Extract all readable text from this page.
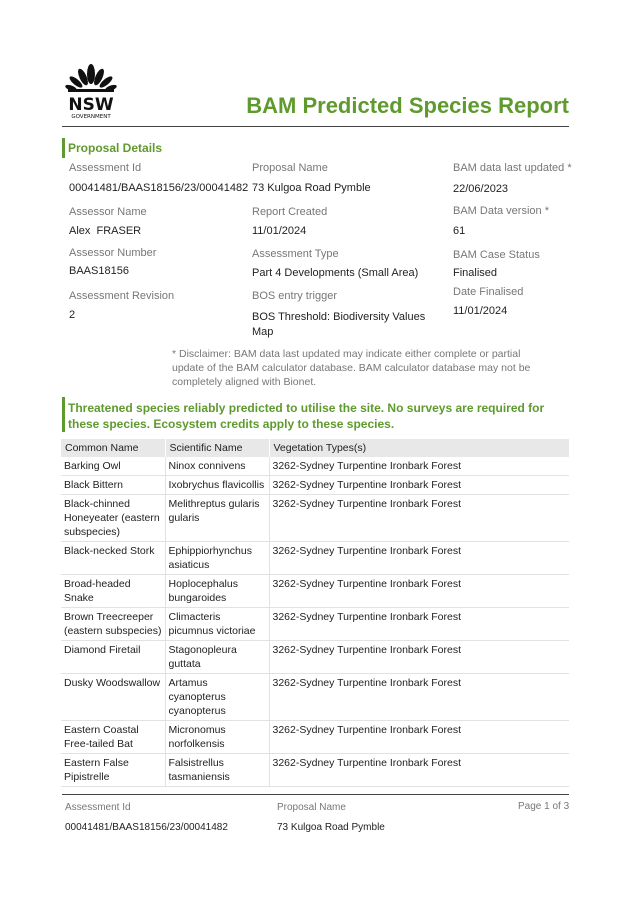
NSW
GOVERNMENT	BAM Predicted Species Report
Proposal Details
Assessment Id
00041481/BAAS18156/23/00041482
Assessor Name
Alex  FRASER
Assessor Number
BAAS18156
Assessment Revision
2
Proposal Name
73 Kulgoa Road Pymble
Report Created
11/01/2024
Assessment Type
Part 4 Developments (Small Area)
BOS entry trigger
BOS Threshold: Biodiversity Values Map
BAM data last updated *
22/06/2023
BAM Data version *
61
BAM Case Status
Finalised
Date Finalised
11/01/2024
* Disclaimer: BAM data last updated may indicate either complete or partial update of the BAM calculator database. BAM calculator database may not be completely aligned with Bionet.
Threatened species reliably predicted to utilise the site. No surveys are required for these species. Ecosystem credits apply to these species.
Common Name	Scientific Name	Vegetation Types(s)
Barking Owl	Ninox connivens	3262-Sydney Turpentine Ironbark Forest
Black Bittern	Ixobrychus flavicollis	3262-Sydney Turpentine Ironbark Forest
Black-chinned Honeyeater (eastern subspecies)	Melithreptus gularis gularis	3262-Sydney Turpentine Ironbark Forest
Black-necked Stork	Ephippiorhynchus asiaticus	3262-Sydney Turpentine Ironbark Forest
Broad-headed Snake	Hoplocephalus bungaroides	3262-Sydney Turpentine Ironbark Forest
Brown Treecreeper (eastern subspecies)	Climacteris picumnus victoriae	3262-Sydney Turpentine Ironbark Forest
Diamond Firetail	Stagonopleura guttata	3262-Sydney Turpentine Ironbark Forest
Dusky Woodswallow	Artamus cyanopterus cyanopterus	3262-Sydney Turpentine Ironbark Forest
Eastern Coastal Free-tailed Bat	Micronomus norfolkensis	3262-Sydney Turpentine Ironbark Forest
Eastern False Pipistrelle	Falsistrellus tasmaniensis	3262-Sydney Turpentine Ironbark Forest
Assessment Id
00041481/BAAS18156/23/00041482
Proposal Name
73 Kulgoa Road Pymble
Page 1 of 3
